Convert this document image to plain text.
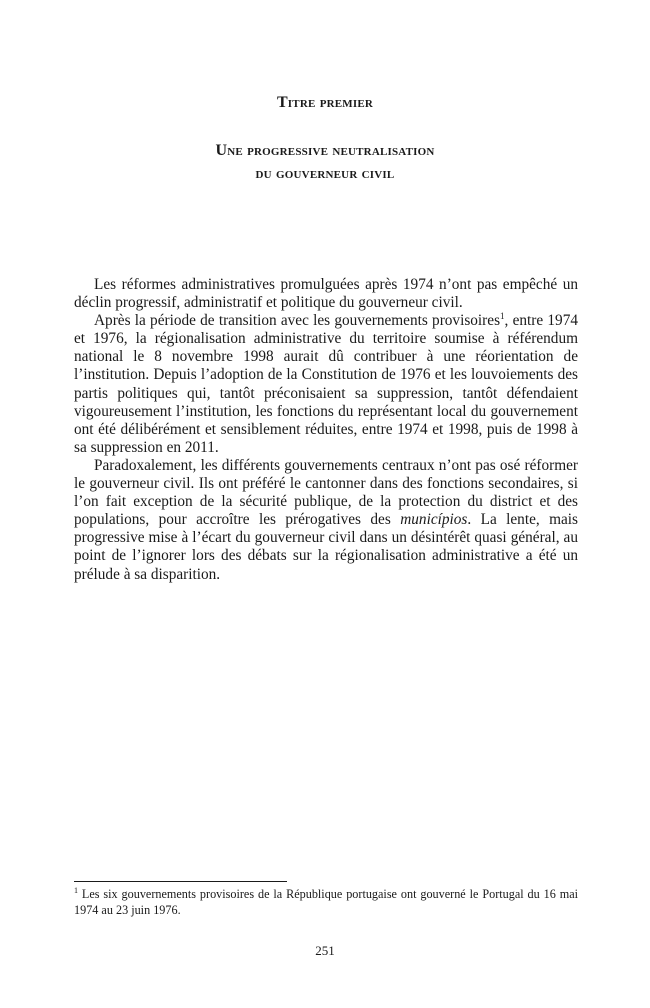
Titre premier
Une progressive neutralisation
du gouverneur civil

Les réformes administratives promulguées après 1974 n’ont pas empêché un déclin progressif, administratif et politique du gouverneur civil.

Après la période de transition avec les gouvernements provisoires$^1$, entre 1974 et 1976, la régionalisation administrative du territoire soumise à référendum national le 8 novembre 1998 aurait dû contribuer à une réorientation de l’institution. Depuis l’adoption de la Constitution de 1976 et les louvoiements des partis politiques qui, tantôt préconisaient sa suppression, tantôt défendaient vigoureusement l’institution, les fonctions du représentant local du gouvernement ont été délibérément et sensiblement réduites, entre 1974 et 1998, puis de 1998 à sa suppression en 2011.

Paradoxalement, les différents gouvernements centraux n’ont pas osé réformer le gouverneur civil. Ils ont préféré le cantonner dans des fonctions secondaires, si l’on fait exception de la sécurité publique, de la protection du district et des populations, pour accroître les prérogatives des municípios. La lente, mais progressive mise à l’écart du gouverneur civil dans un désintérêt quasi général, au point de l’ignorer lors des débats sur la régionalisation administrative a été un prélude à sa disparition.

$^1$ Les six gouvernements provisoires de la République portugaise ont gouverné le Portugal du 16 mai 1974 au 23 juin 1976.
251
